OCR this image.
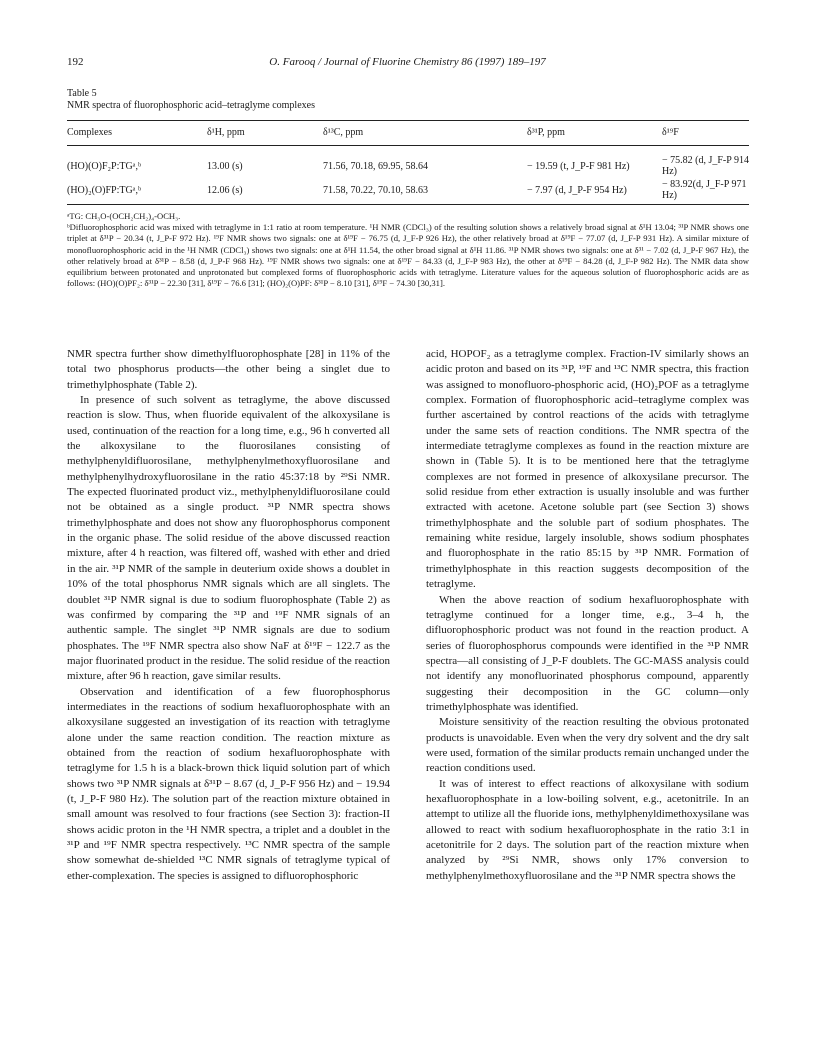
192	O. Farooq / Journal of Fluorine Chemistry 86 (1997) 189–197

Table 5

NMR spectra of fluorophosphoric acid–tetraglyme complexes

Complexes	δ¹H, ppm	δ¹³C, ppm	δ³¹P, ppm	δ¹⁹F
(HO)(O)F₂P:TGᵃ,ᵇ	13.00 (s)	71.56, 70.18, 69.95, 58.64	− 19.59 (t, J_P-F 981 Hz)	− 75.82 (d, J_F-P 914 Hz)
(HO)₂(O)FP:TGᵃ,ᵇ	12.06 (s)	71.58, 70.22, 70.10, 58.63	− 7.97 (d, J_P-F 954 Hz)	− 83.92(d, J_F-P 971 Hz)

ᵃTG: CH₃O-(OCH₂CH₂)₄-OCH₃.

ᵇDifluorophosphoric acid was mixed with tetraglyme in 1:1 ratio at room temperature. ¹H NMR (CDCl₃) of the resulting solution shows a relatively broad signal at δ¹H 13.04; ³¹P NMR shows one triplet at δ³¹P − 20.34 (t, J_P-F 972 Hz). ¹⁹F NMR shows two signals: one at δ¹⁹F − 76.75 (d, J_F-P 926 Hz), the other relatively broad at δ¹⁹F − 77.07 (d, J_F-P 931 Hz). A similar mixture of monofluorophosphoric acid in the ¹H NMR (CDCl₃) shows two signals: one at δ¹H 11.54, the other broad signal at δ¹H 11.86. ³¹P NMR shows two signals: one at δ³¹ − 7.02 (d, J_P-F 967 Hz), the other relatively broad at δ³¹P − 8.58 (d, J_P-F 968 Hz). ¹⁹F NMR shows two signals: one at δ¹⁹F − 84.33 (d, J_F-P 983 Hz), the other at δ¹⁹F − 84.28 (d, J_F-P 982 Hz). The NMR data show equilibrium between protonated and unprotonated but complexed forms of fluorophosphoric acids with tetraglyme. Literature values for the aqueous solution of fluorophosphoric acids are as follows: (HO)(O)PF₂: δ³¹P − 22.30 [31], δ¹⁹F − 76.6 [31]; (HO)₂(O)PF: δ³¹P − 8.10 [31], δ¹⁹F − 74.30 [30,31].

NMR spectra further show dimethylfluorophosphate [28] in 11% of the total two phosphorus products—the other being a singlet due to trimethylphosphate (Table 2).

In presence of such solvent as tetraglyme, the above discussed reaction is slow. Thus, when fluoride equivalent of the alkoxysilane is used, continuation of the reaction for a long time, e.g., 96 h converted all the alkoxysilane to the fluorosilanes consisting of methylphenyldifluorosilane, methylphenylmethoxyfluorosilane and methylphenylhydroxyfluorosilane in the ratio 45:37:18 by ²⁹Si NMR. The expected fluorinated product viz., methylphenyldifluorosilane could not be obtained as a single product. ³¹P NMR spectra shows trimethylphosphate and does not show any fluorophosphorus component in the organic phase. The solid residue of the above discussed reaction mixture, after 4 h reaction, was filtered off, washed with ether and dried in the air. ³¹P NMR of the sample in deuterium oxide shows a doublet in 10% of the total phosphorus NMR signals which are all singlets. The doublet ³¹P NMR signal is due to sodium fluorophosphate (Table 2) as was confirmed by comparing the ³¹P and ¹⁹F NMR signals of an authentic sample. The singlet ³¹P NMR signals are due to sodium phosphates. The ¹⁹F NMR spectra also show NaF at δ¹⁹F − 122.7 as the major fluorinated product in the residue. The solid residue of the reaction mixture, after 96 h reaction, gave similar results.

Observation and identification of a few fluorophosphorus intermediates in the reactions of sodium hexafluorophosphate with an alkoxysilane suggested an investigation of its reaction with tetraglyme alone under the same reaction condition. The reaction mixture as obtained from the reaction of sodium hexafluorophosphate with tetraglyme for 1.5 h is a black-brown thick liquid solution part of which shows two ³¹P NMR signals at δ³¹P − 8.67 (d, J_P-F 956 Hz) and − 19.94 (t, J_P-F 980 Hz). The solution part of the reaction mixture obtained in small amount was resolved to four fractions (see Section 3): fraction-II shows acidic proton in the ¹H NMR spectra, a triplet and a doublet in the ³¹P and ¹⁹F NMR spectra respectively. ¹³C NMR spectra of the sample show somewhat de-shielded ¹³C NMR signals of tetraglyme typical of ether-complexation. The species is assigned to difluorophosphoric

acid, HOPOF₂ as a tetraglyme complex. Fraction-IV similarly shows an acidic proton and based on its ³¹P, ¹⁹F and ¹³C NMR spectra, this fraction was assigned to monofluoro-phosphoric acid, (HO)₂POF as a tetraglyme complex. Formation of fluorophosphoric acid–tetraglyme complex was further ascertained by control reactions of the acids with tetraglyme under the same sets of reaction conditions. The NMR spectra of the intermediate tetraglyme complexes as found in the reaction mixture are shown in (Table 5). It is to be mentioned here that the tetraglyme complexes are not formed in presence of alkoxysilane precursor. The solid residue from ether extraction is usually insoluble and was further extracted with acetone. Acetone soluble part (see Section 3) shows trimethylphosphate and the soluble part of sodium phosphates. The remaining white residue, largely insoluble, shows sodium phosphates and fluorophosphate in the ratio 85:15 by ³¹P NMR. Formation of trimethylphosphate in this reaction suggests decomposition of the tetraglyme.

When the above reaction of sodium hexafluorophosphate with tetraglyme continued for a longer time, e.g., 3–4 h, the difluorophosphoric product was not found in the reaction product. A series of fluorophosphorus compounds were identified in the ³¹P NMR spectra—all consisting of J_P-F doublets. The GC-MASS analysis could not identify any monofluorinated phosphorus compound, apparently suggesting their decomposition in the GC column—only trimethylphosphate was identified.

Moisture sensitivity of the reaction resulting the obvious protonated products is unavoidable. Even when the very dry solvent and the dry salt were used, formation of the similar products remain unchanged under the reaction conditions used.

It was of interest to effect reactions of alkoxysilane with sodium hexafluorophosphate in a low-boiling solvent, e.g., acetonitrile. In an attempt to utilize all the fluoride ions, methylphenyldimethoxysilane was allowed to react with sodium hexafluorophosphate in the ratio 3:1 in acetonitrile for 2 days. The solution part of the reaction mixture when analyzed by ²⁹Si NMR, shows only 17% conversion to methylphenylmethoxyfluorosilane and the ³¹P NMR spectra shows the
